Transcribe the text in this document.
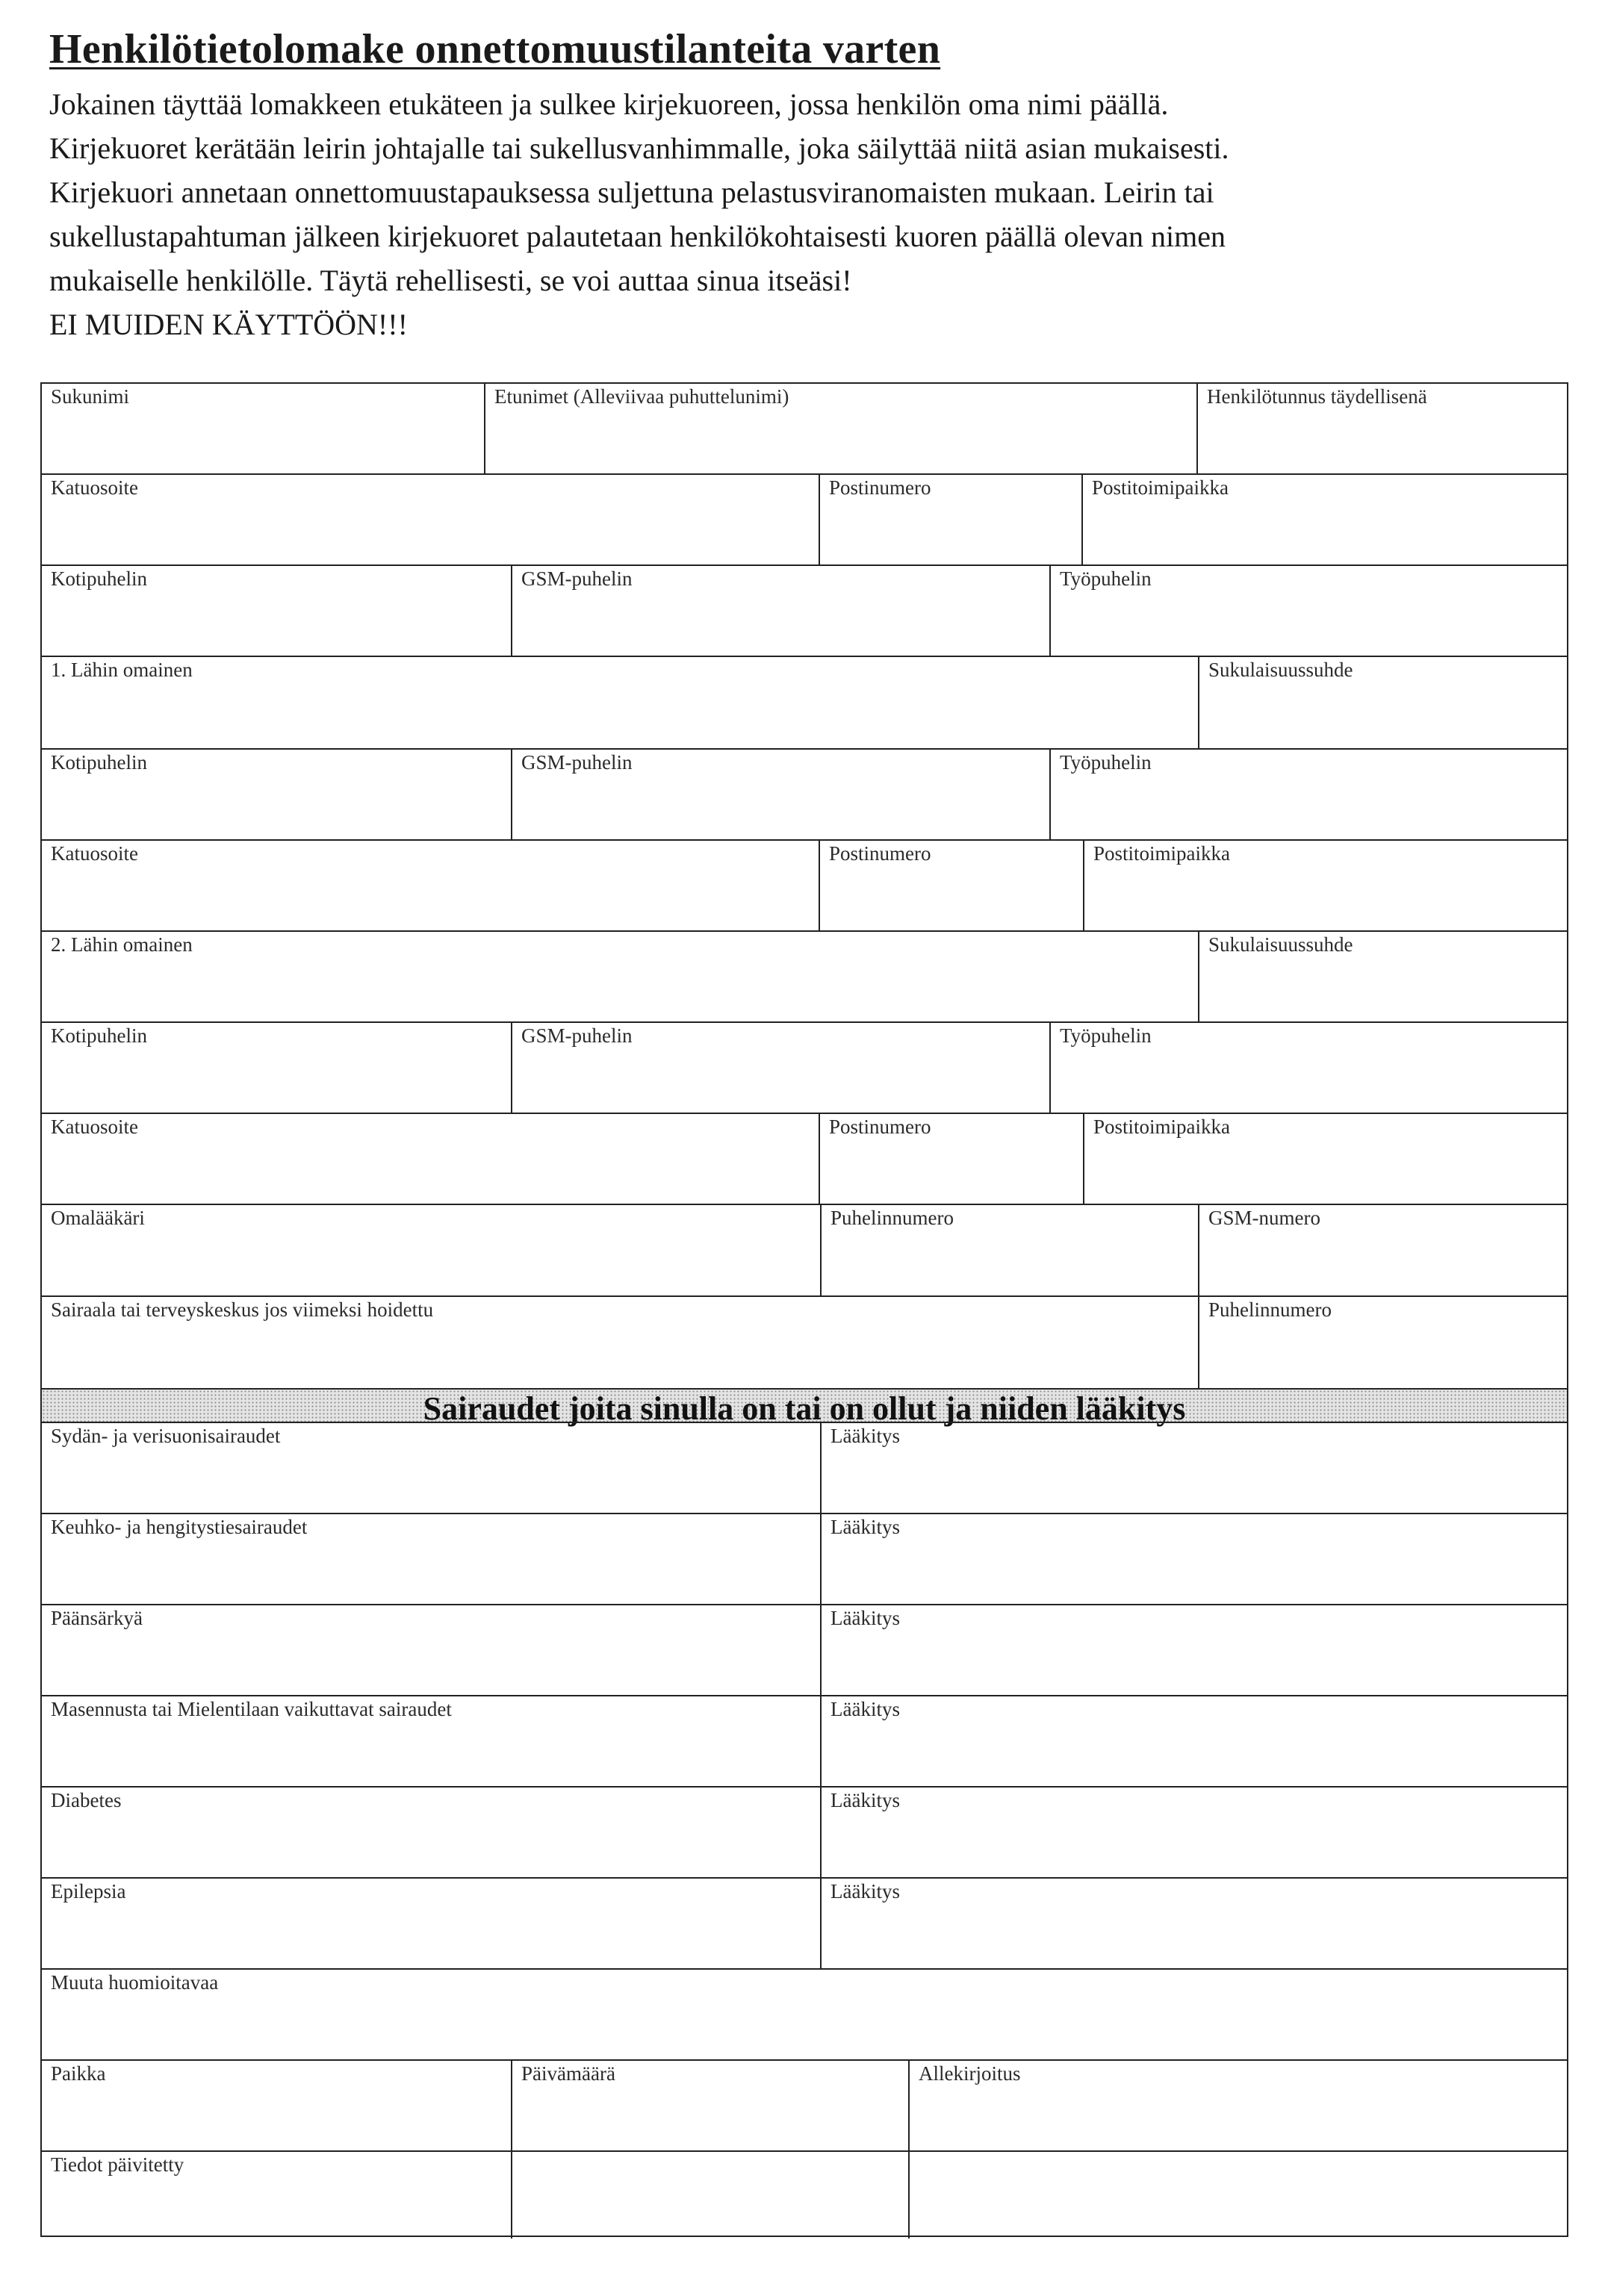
Henkilötietolomake onnettomuustilanteita varten
Jokainen täyttää lomakkeen etukäteen ja sulkee kirjekuoreen, jossa henkilön oma nimi päällä.
Kirjekuoret kerätään leirin johtajalle tai sukellusvanhimmalle, joka säilyttää niitä asian mukaisesti.
Kirjekuori annetaan onnettomuustapauksessa suljettuna pelastusviranomaisten mukaan. Leirin tai
sukellustapahtuman jälkeen kirjekuoret palautetaan henkilökohtaisesti kuoren päällä olevan nimen
mukaiselle henkilölle. Täytä rehellisesti, se voi auttaa sinua itseäsi!
EI MUIDEN KÄYTTÖÖN!!!
Sukunimi	Etunimet (Alleviivaa puhuttelunimi)	Henkilötunnus täydellisenä
Katuosoite	Postinumero	Postitoimipaikka
Kotipuhelin	GSM-puhelin	Työpuhelin
1. Lähin omainen	Sukulaisuussuhde
Kotipuhelin	GSM-puhelin	Työpuhelin
Katuosoite	Postinumero	Postitoimipaikka
2. Lähin omainen	Sukulaisuussuhde
Kotipuhelin	GSM-puhelin	Työpuhelin
Katuosoite	Postinumero	Postitoimipaikka
Omalääkäri	Puhelinnumero	GSM-numero
Sairaala tai terveyskeskus jos viimeksi hoidettu	Puhelinnumero
Sairaudet joita sinulla on tai on ollut ja niiden lääkitys
Sydän- ja verisuonisairaudet	Lääkitys
Keuhko- ja hengitystiesairaudet	Lääkitys
Päänsärkyä	Lääkitys
Masennusta tai Mielentilaan vaikuttavat sairaudet	Lääkitys
Diabetes	Lääkitys
Epilepsia	Lääkitys
Muuta huomioitavaa
Paikka	Päivämäärä	Allekirjoitus
Tiedot päivitetty
